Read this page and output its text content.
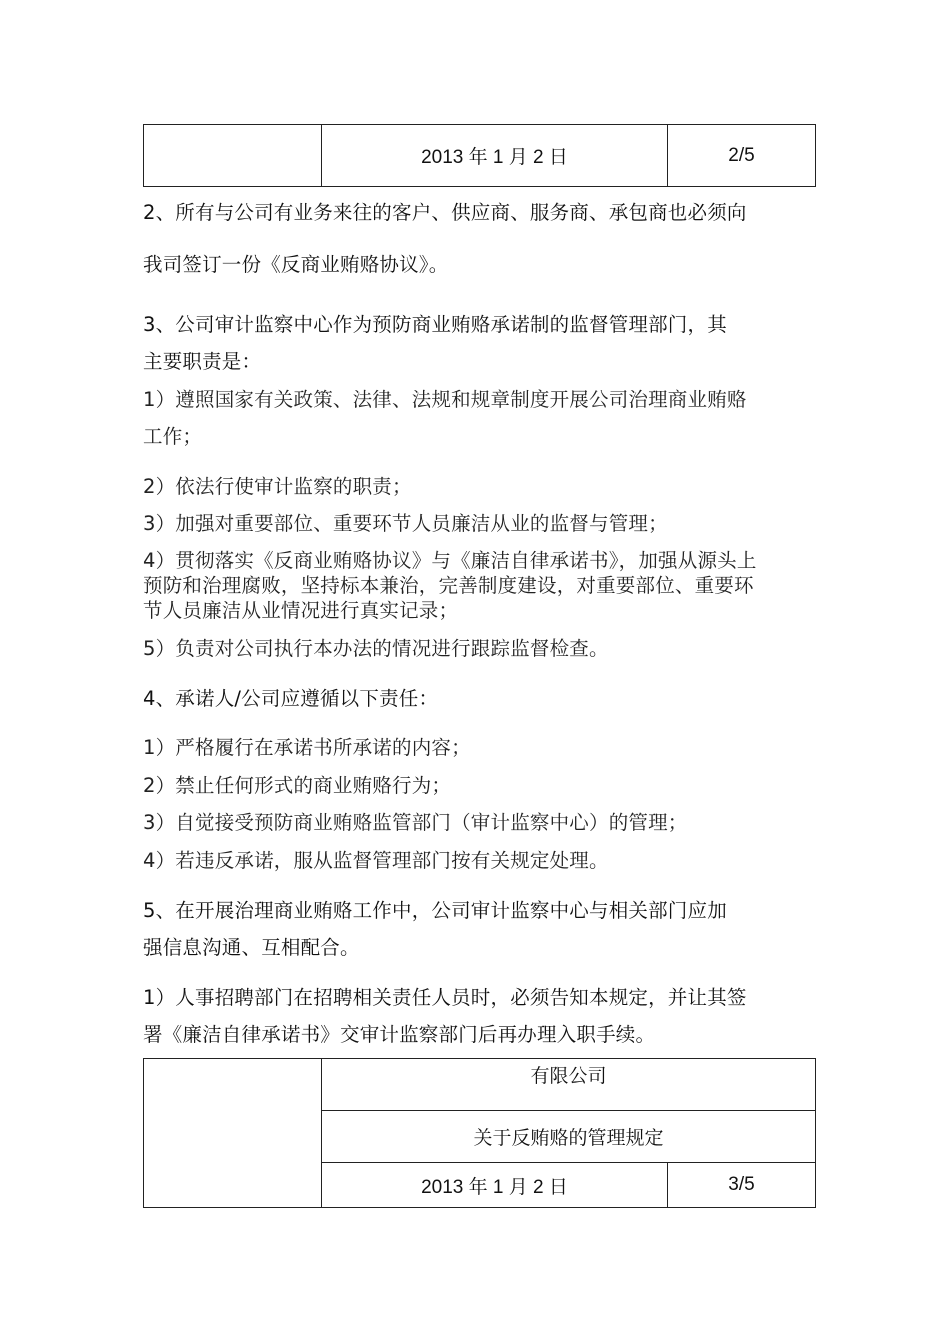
	2013 年 1 月 2 日	2/5
2、所有与公司有业务来往的客户、供应商、服务商、承包商也必须向
我司签订一份《反商业贿赂协议》。
3、公司审计监察中心作为预防商业贿赂承诺制的监督管理部门，其
主要职责是：
1）遵照国家有关政策、法律、法规和规章制度开展公司治理商业贿赂
工作；
2）依法行使审计监察的职责；
3）加强对重要部位、重要环节人员廉洁从业的监督与管理；
4）贯彻落实《反商业贿赂协议》与《廉洁自律承诺书》，加强从源头上
预防和治理腐败，坚持标本兼治，完善制度建设，对重要部位、重要环
节人员廉洁从业情况进行真实记录；
5）负责对公司执行本办法的情况进行跟踪监督检查。
4、承诺人/公司应遵循以下责任：
1）严格履行在承诺书所承诺的内容；
2）禁止任何形式的商业贿赂行为；
3）自觉接受预防商业贿赂监管部门（审计监察中心）的管理；
4）若违反承诺，服从监督管理部门按有关规定处理。
5、在开展治理商业贿赂工作中，公司审计监察中心与相关部门应加
强信息沟通、互相配合。
1）人事招聘部门在招聘相关责任人员时，必须告知本规定，并让其签
署《廉洁自律承诺书》交审计监察部门后再办理入职手续。
	有限公司	
	关于反贿赂的管理规定	
	2013 年 1 月 2 日	3/5
